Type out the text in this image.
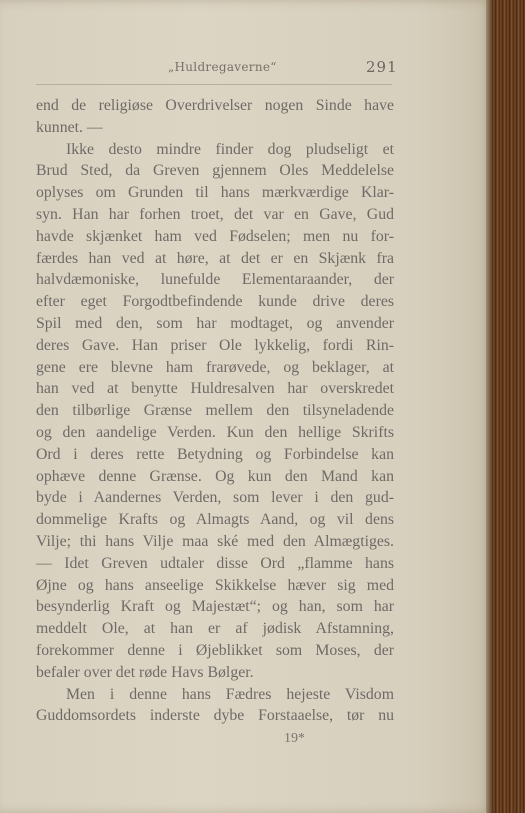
„Huldregaverne“	291
end de religiøse Overdrivelser nogen Sinde have
kunnet. —
Ikke desto mindre finder dog pludseligt et
Brud Sted, da Greven gjennem Oles Meddelelse
oplyses om Grunden til hans mærkværdige Klar-
syn. Han har forhen troet, det var en Gave, Gud
havde skjænket ham ved Fødselen; men nu for-
færdes han ved at høre, at det er en Skjænk fra
halvdæmoniske, lunefulde Elementaraander, der
efter eget Forgodtbefindende kunde drive deres
Spil med den, som har modtaget, og anvender
deres Gave. Han priser Ole lykkelig, fordi Rin-
gene ere blevne ham frarøvede, og beklager, at
han ved at benytte Huldresalven har overskredet
den tilbørlige Grænse mellem den tilsyneladende
og den aandelige Verden. Kun den hellige Skrifts
Ord i deres rette Betydning og Forbindelse kan
ophæve denne Grænse. Og kun den Mand kan
byde i Aandernes Verden, som lever i den gud-
dommelige Krafts og Almagts Aand, og vil dens
Vilje; thi hans Vilje maa ské med den Almægtiges.
— Idet Greven udtaler disse Ord „flamme hans
Øjne og hans anseelige Skikkelse hæver sig med
besynderlig Kraft og Majestæt“; og han, som har
meddelt Ole, at han er af jødisk Afstamning,
forekommer denne i Øjeblikket som Moses, der
befaler over det røde Havs Bølger.
Men i denne hans Fædres hejeste Visdom
Guddomsordets inderste dybe Forstaaelse, tør nu
19*
